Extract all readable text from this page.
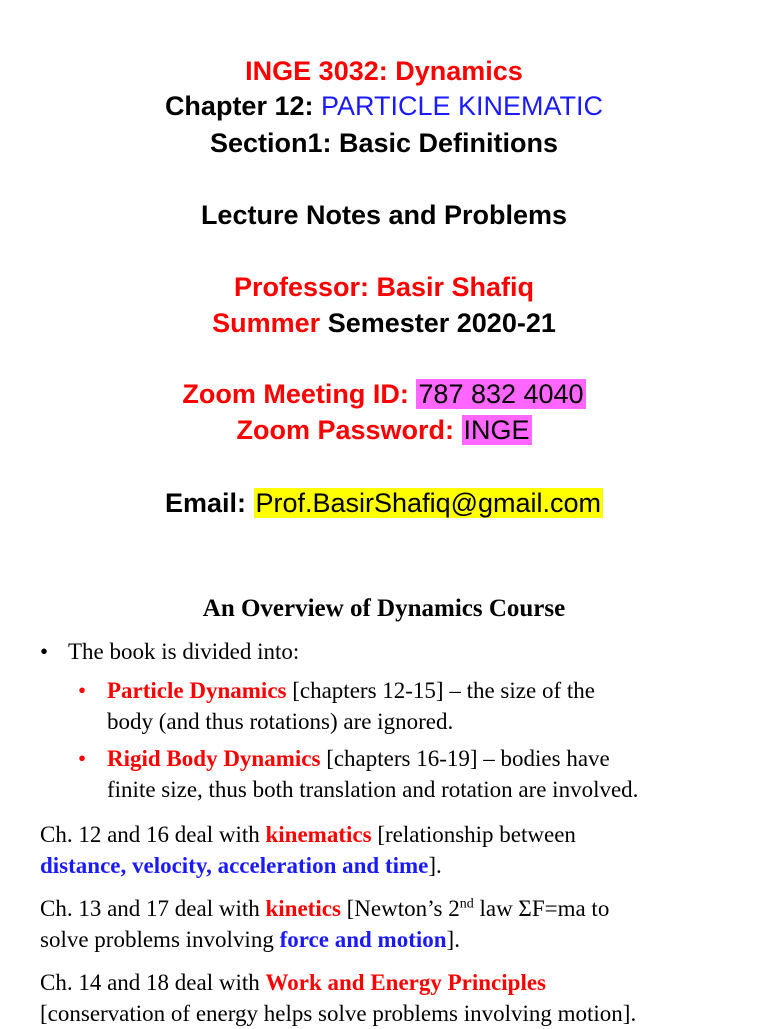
INGE 3032: Dynamics
Chapter 12: PARTICLE KINEMATIC
Section1: Basic Definitions
Lecture Notes and Problems
Professor: Basir Shafiq
Summer Semester 2020-21
Zoom Meeting ID: 787 832 4040
Zoom Password: INGE
Email: Prof.BasirShafiq@gmail.com
An Overview of Dynamics Course
• The book is divided into:
• Particle Dynamics [chapters 12-15] – the size of the
body (and thus rotations) are ignored.
• Rigid Body Dynamics [chapters 16-19] – bodies have
finite size, thus both translation and rotation are involved.
Ch. 12 and 16 deal with kinematics [relationship between
distance, velocity, acceleration and time].
Ch. 13 and 17 deal with kinetics [Newton’s 2nd law ΣF=ma to
solve problems involving force and motion].
Ch. 14 and 18 deal with Work and Energy Principles
[conservation of energy helps solve problems involving motion].
